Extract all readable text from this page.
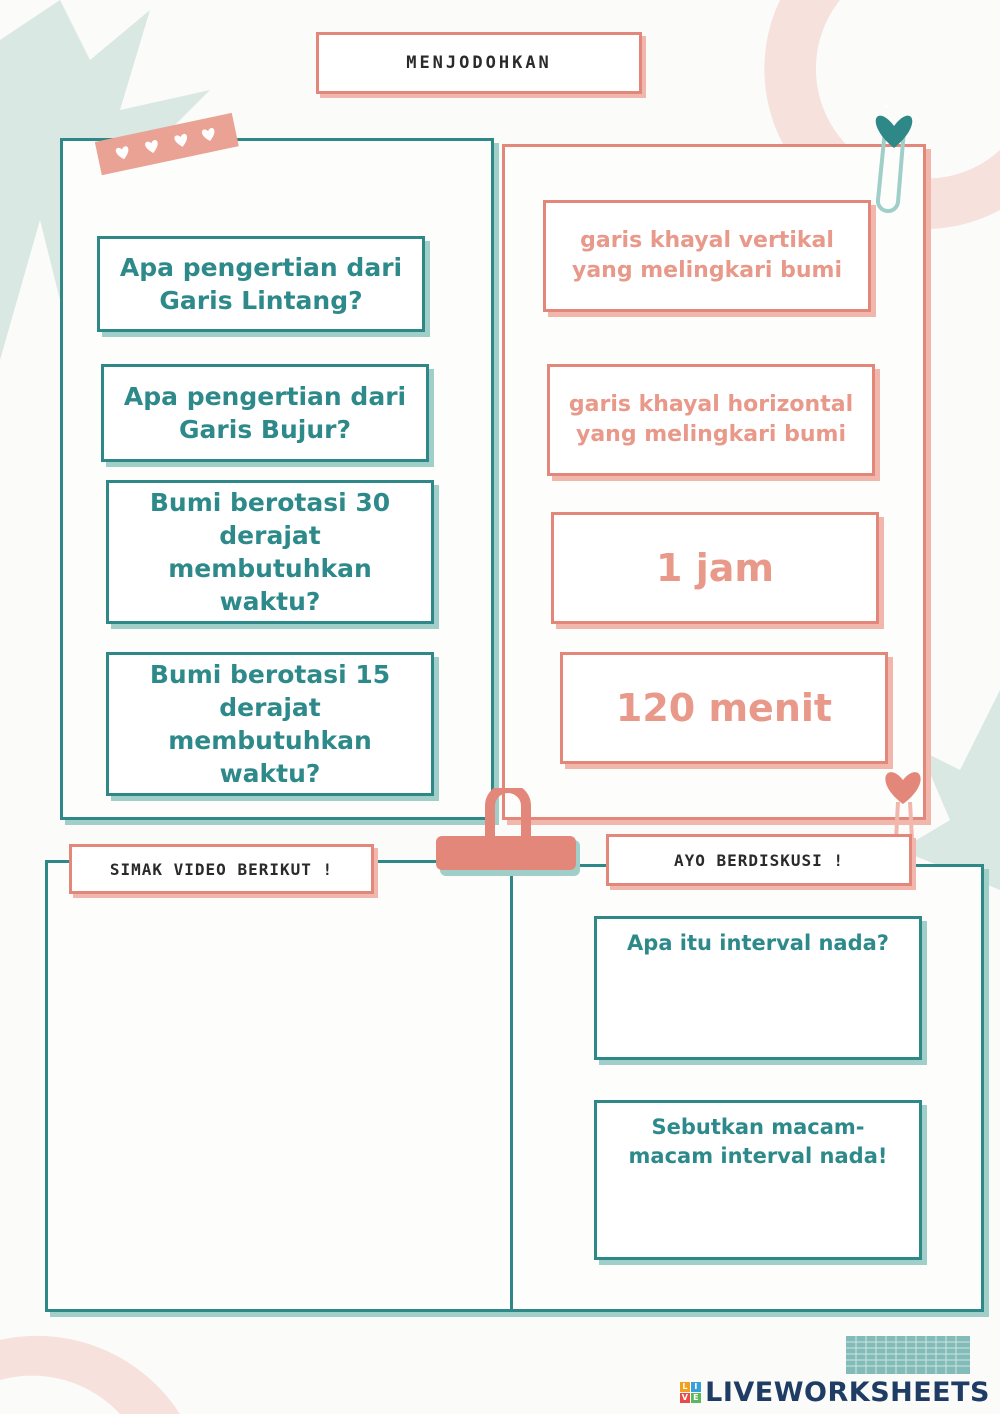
MENJODOHKAN
Apa pengertian dari Garis Lintang?
Apa pengertian dari Garis Bujur?
Bumi berotasi 30 derajat membutuhkan waktu?
Bumi berotasi 15 derajat membutuhkan waktu?
garis khayal vertikal yang melingkari bumi
garis khayal horizontal yang melingkari bumi
1 jam
120 menit
✦
SIMAK VIDEO BERIKUT !	AYO BERDISKUSI !
Apa itu interval nada?
Sebutkan macam-macam interval nada!
L I
V E LIVEWORKSHEETS
